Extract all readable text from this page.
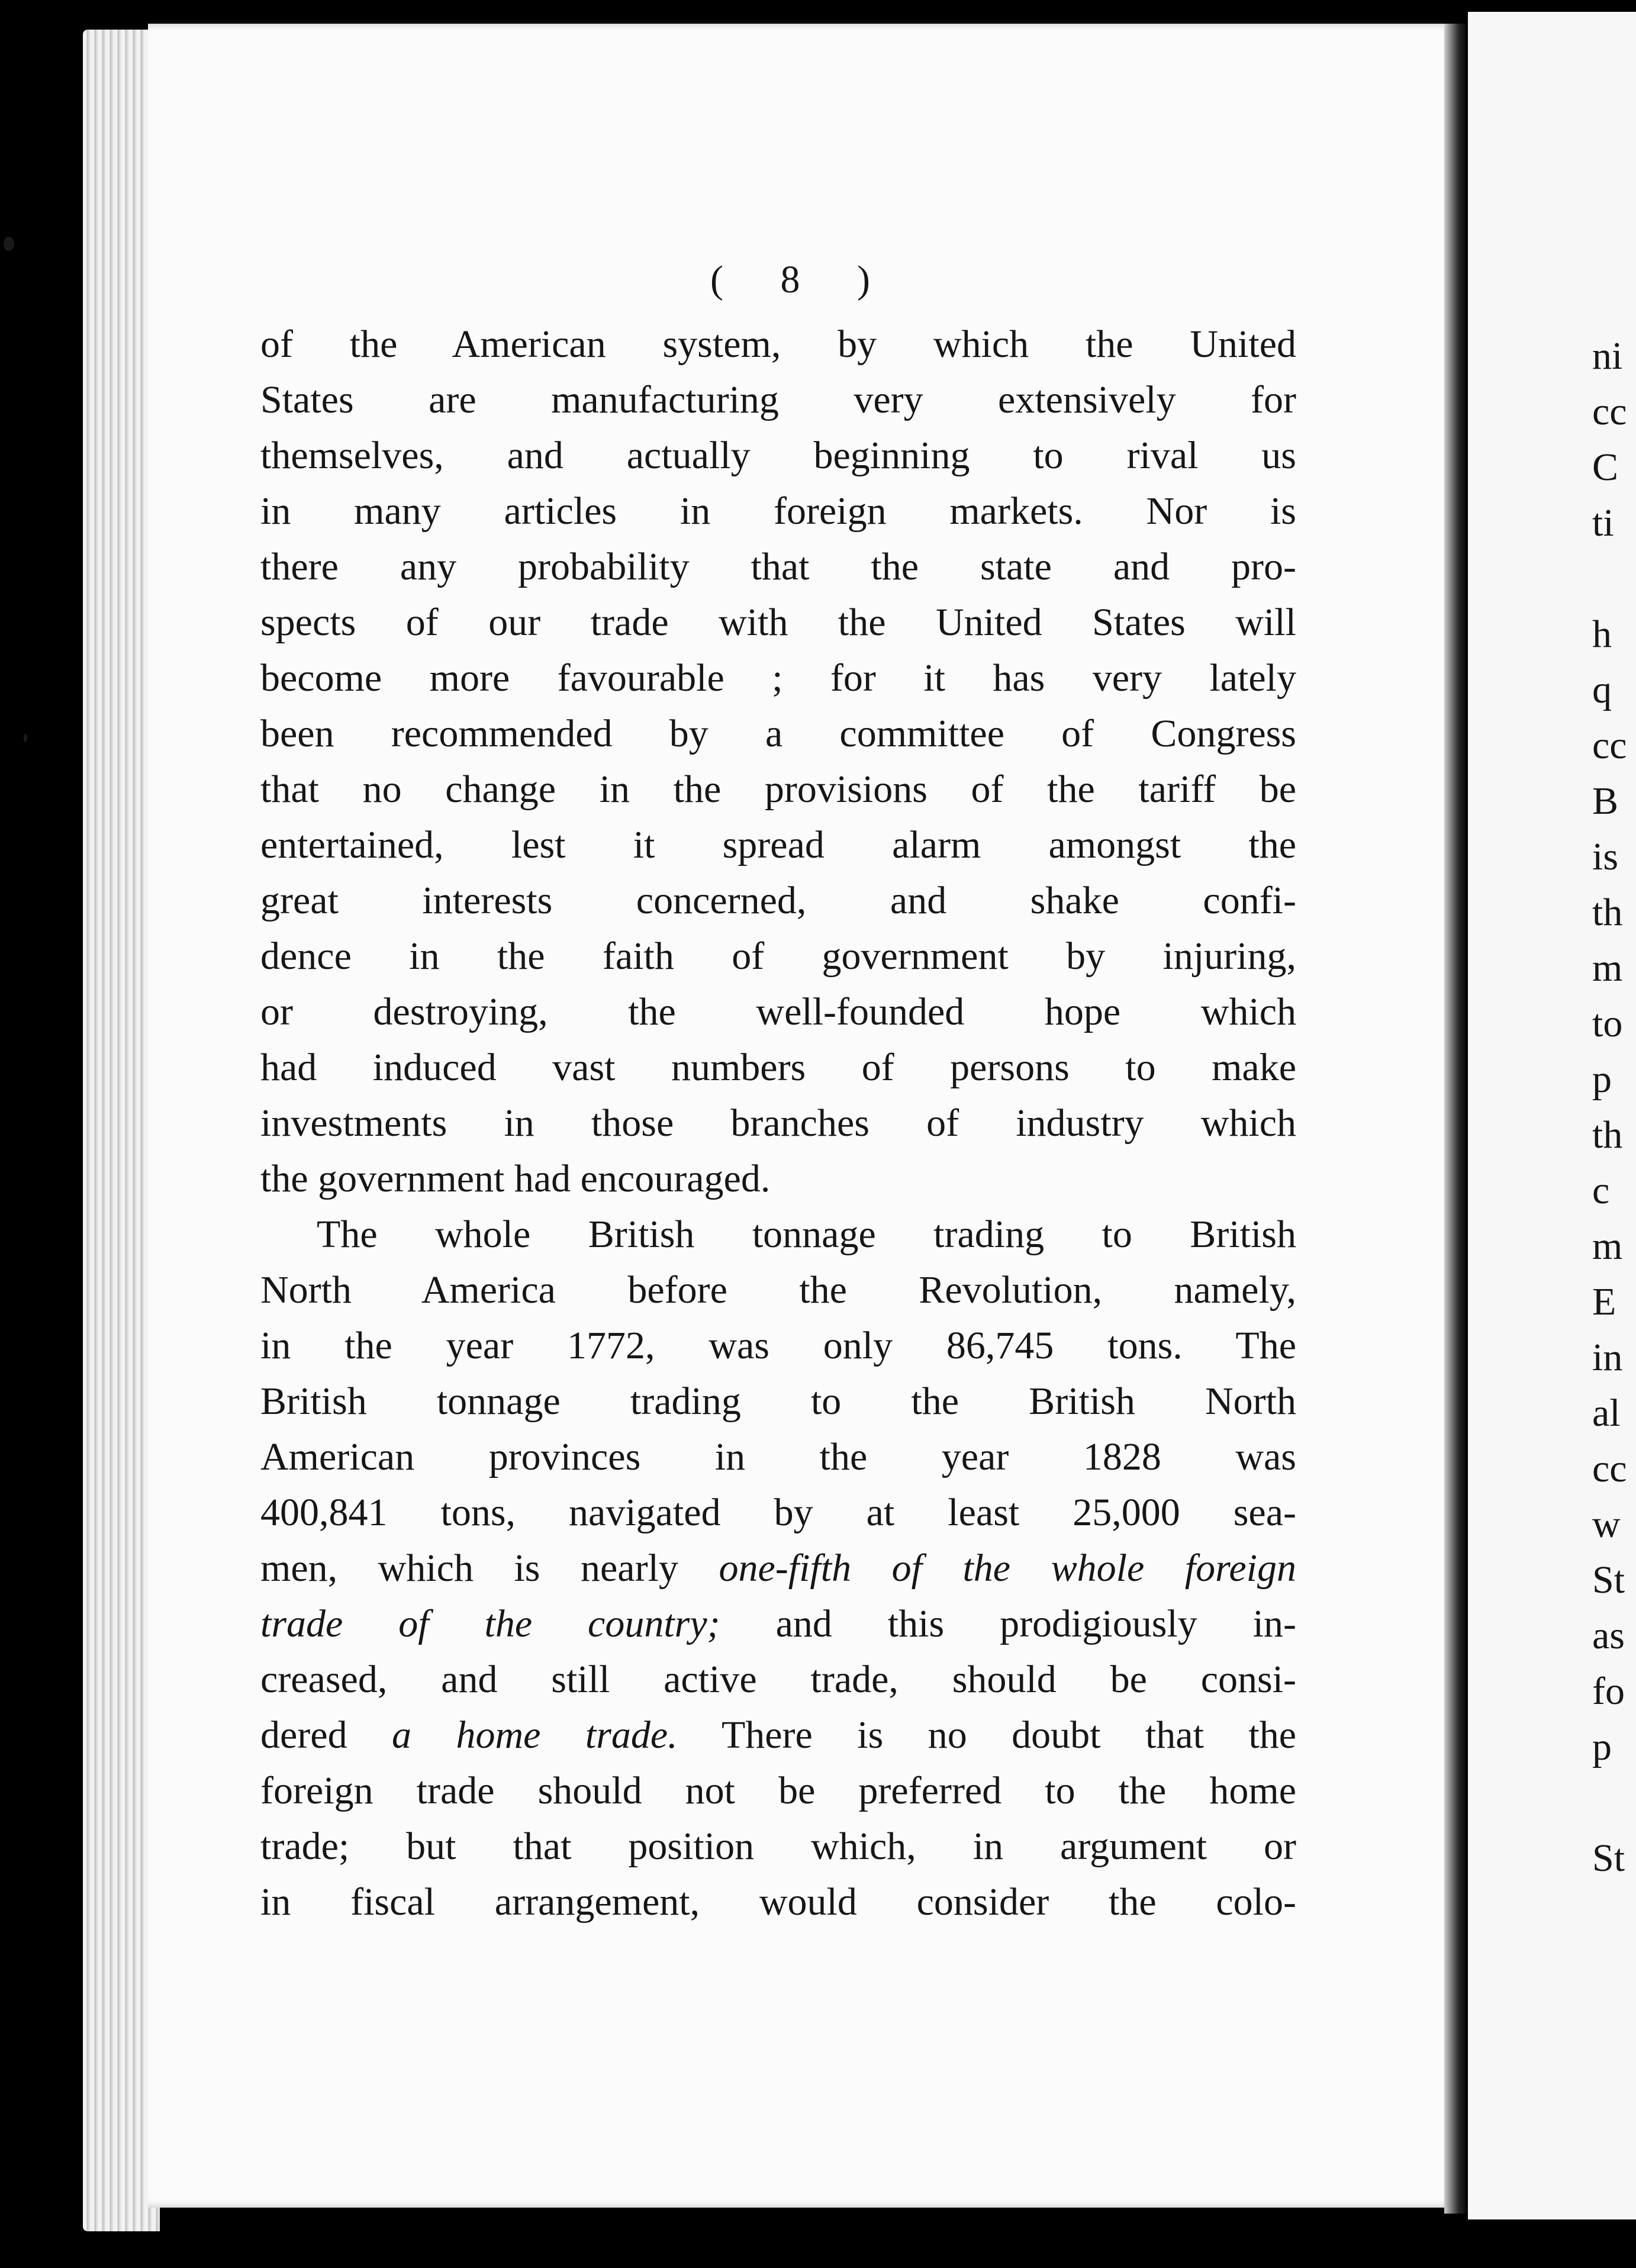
( 8 )
of the American system, by which the United
States are manufacturing very extensively for
themselves, and actually beginning to rival us
in many articles in foreign markets. Nor is
there any probability that the state and pro-
spects of our trade with the United States will
become more favourable ; for it has very lately
been recommended by a committee of Congress
that no change in the provisions of the tariff be
entertained, lest it spread alarm amongst the
great interests concerned, and shake confi-
dence in the faith of government by injuring,
or destroying, the well-founded hope which
had induced vast numbers of persons to make
investments in those branches of industry which
the government had encouraged.
The whole British tonnage trading to British
North America before the Revolution, namely,
in the year 1772, was only 86,745 tons. The
British tonnage trading to the British North
American provinces in the year 1828 was
400,841 tons, navigated by at least 25,000 sea-
men, which is nearly one-fifth of the whole foreign
trade of the country; and this prodigiously in-
creased, and still active trade, should be consi-
dered a home trade. There is no doubt that the
foreign trade should not be preferred to the home
trade; but that position which, in argument or
in fiscal arrangement, would consider the colo-
ni
cc
C
ti

h
q
cc
B
is
th
m
to
p
th
c
m
E
in
al
cc
w
St
as
fo
p

St
